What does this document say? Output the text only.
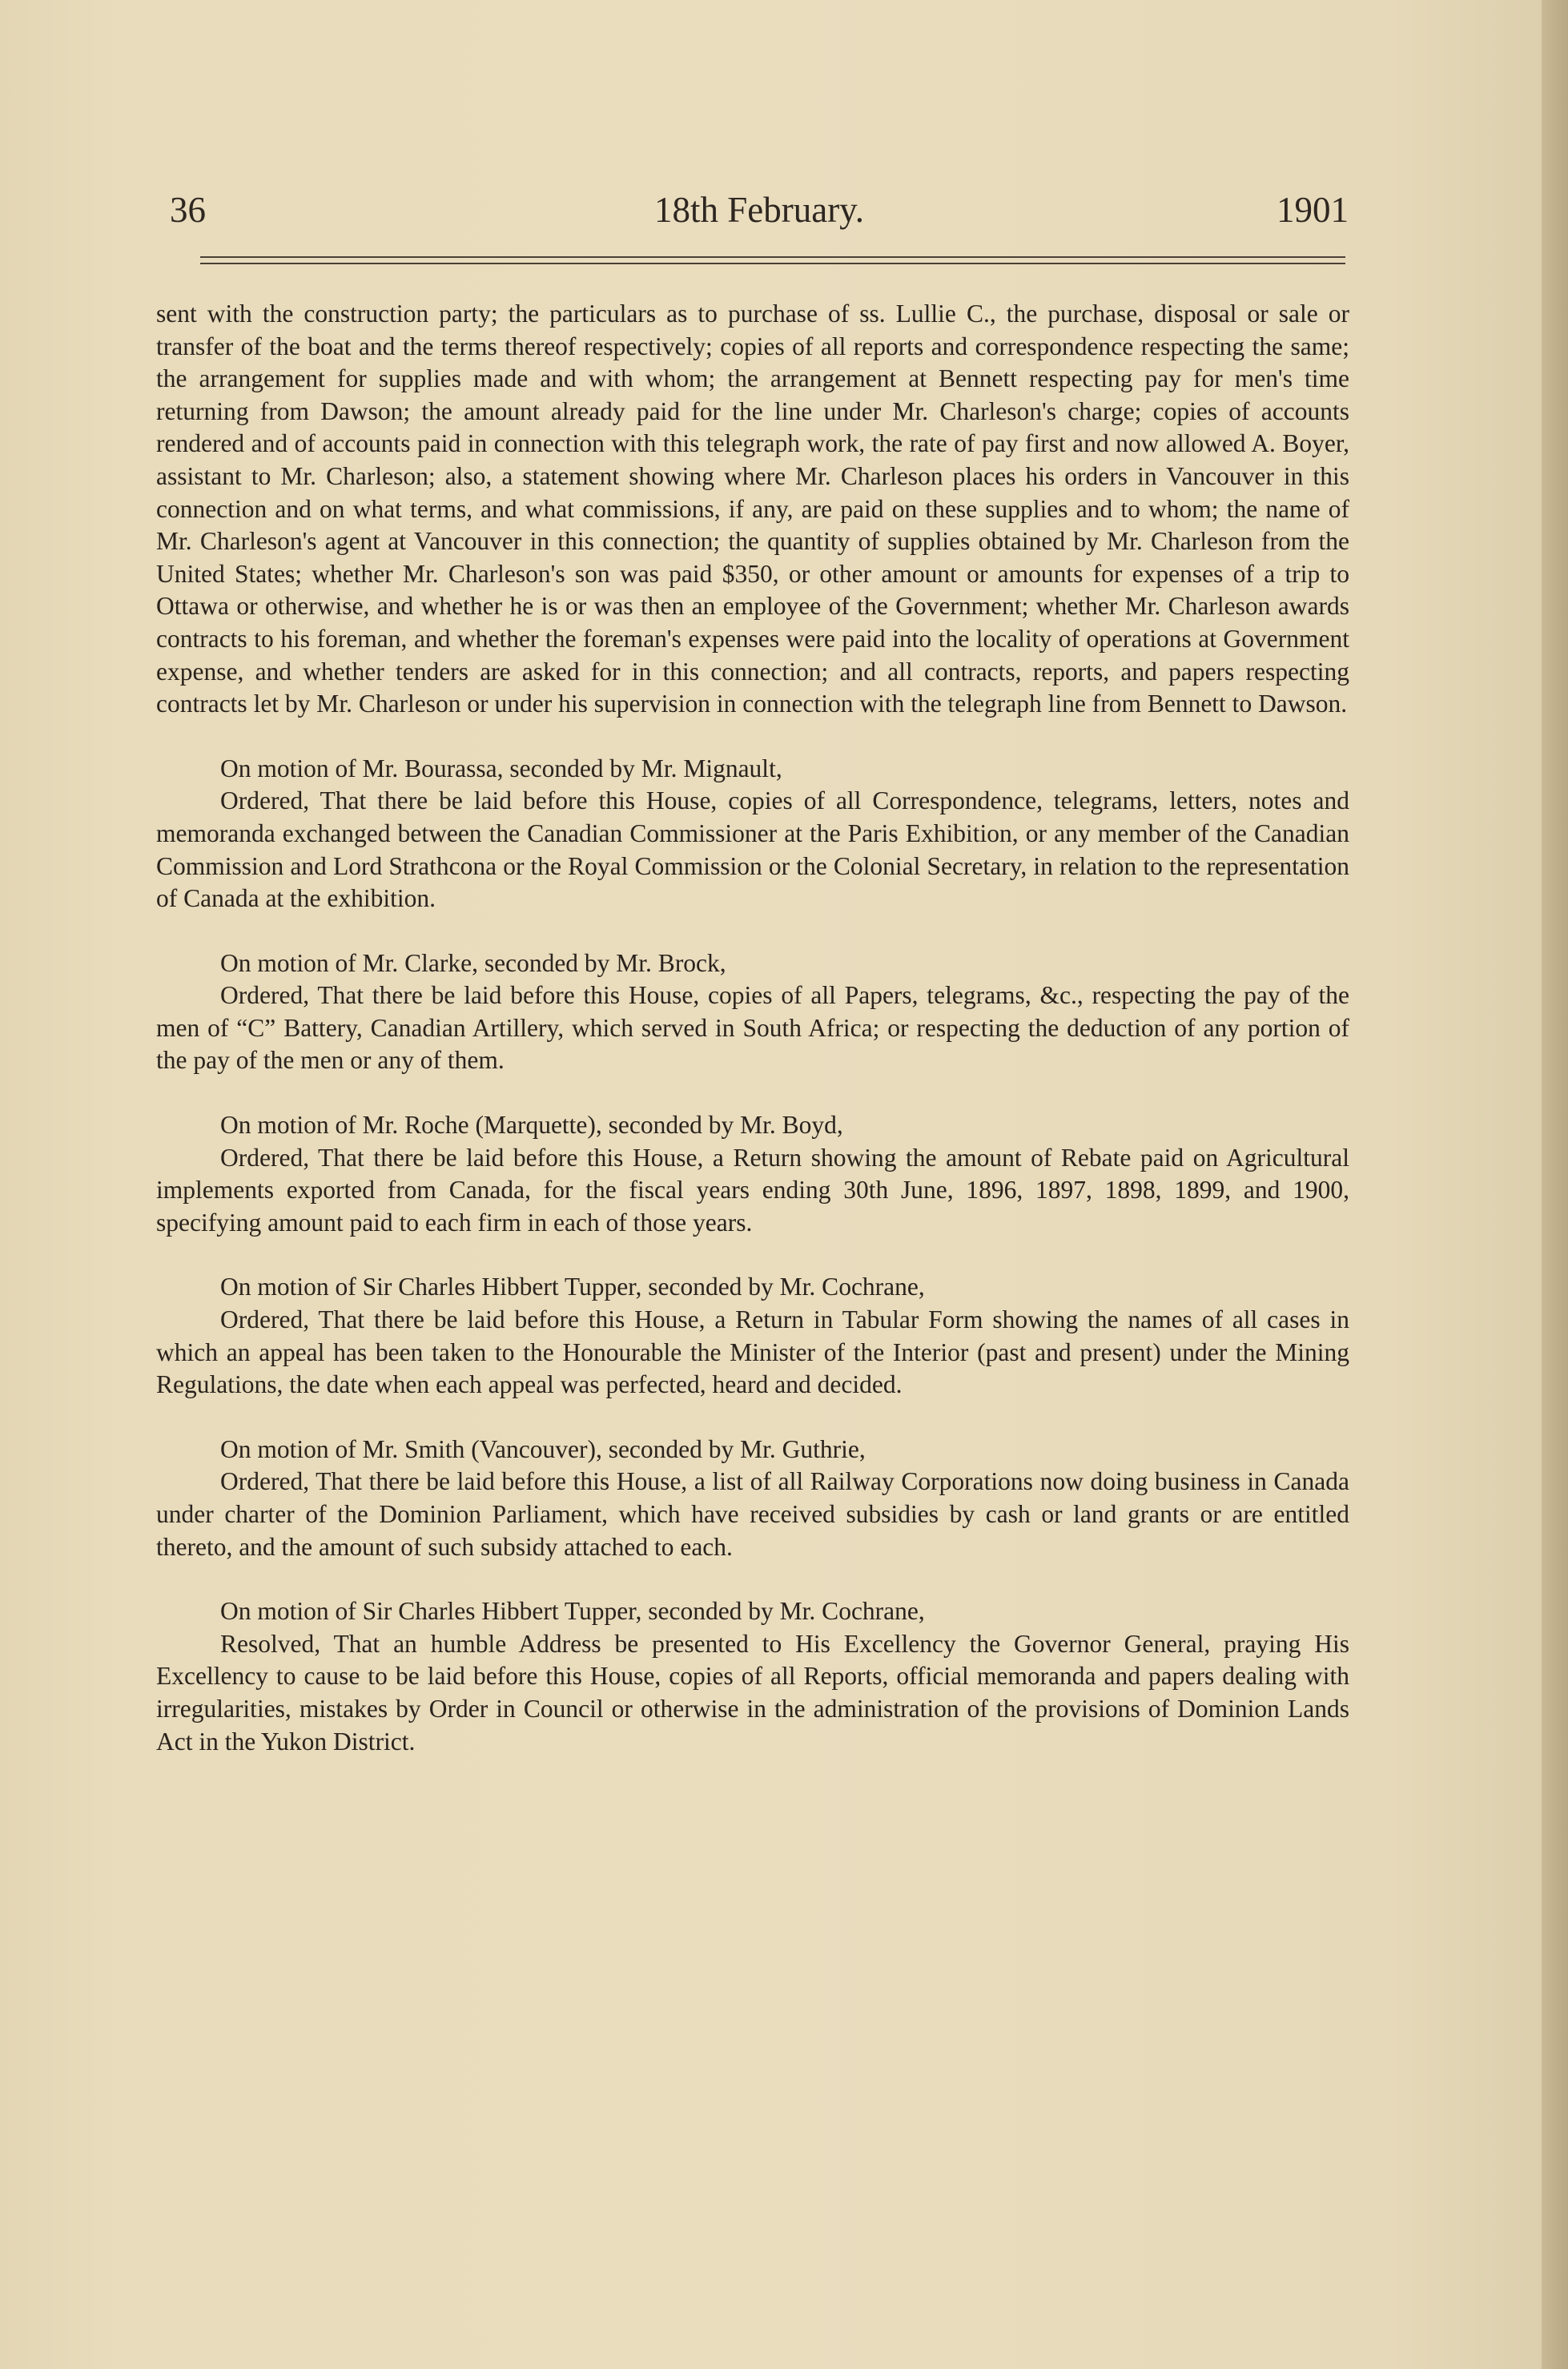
36	18th February.	1901

sent with the construction party; the particulars as to purchase of ss. Lullie C., the purchase, disposal or sale or transfer of the boat and the terms thereof respectively; copies of all reports and correspondence respecting the same; the arrangement for supplies made and with whom; the arrangement at Bennett respecting pay for men's time returning from Dawson; the amount already paid for the line under Mr. Charleson's charge; copies of accounts rendered and of accounts paid in connection with this telegraph work, the rate of pay first and now allowed A. Boyer, assistant to Mr. Charleson; also, a statement showing where Mr. Charleson places his orders in Vancouver in this connection and on what terms, and what commissions, if any, are paid on these supplies and to whom; the name of Mr. Charleson's agent at Vancouver in this connection; the quantity of supplies obtained by Mr. Charleson from the United States; whether Mr. Charleson's son was paid $350, or other amount or amounts for expenses of a trip to Ottawa or otherwise, and whether he is or was then an employee of the Government; whether Mr. Charleson awards contracts to his foreman, and whether the foreman's expenses were paid into the locality of operations at Government expense, and whether tenders are asked for in this connection; and all contracts, reports, and papers respecting contracts let by Mr. Charleson or under his supervision in connection with the telegraph line from Bennett to Dawson.

On motion of Mr. Bourassa, seconded by Mr. Mignault,

Ordered, That there be laid before this House, copies of all Correspondence, telegrams, letters, notes and memoranda exchanged between the Canadian Commissioner at the Paris Exhibition, or any member of the Canadian Commission and Lord Strathcona or the Royal Commission or the Colonial Secretary, in relation to the representation of Canada at the exhibition.

On motion of Mr. Clarke, seconded by Mr. Brock,

Ordered, That there be laid before this House, copies of all Papers, telegrams, &c., respecting the pay of the men of “C” Battery, Canadian Artillery, which served in South Africa; or respecting the deduction of any portion of the pay of the men or any of them.

On motion of Mr. Roche (Marquette), seconded by Mr. Boyd,

Ordered, That there be laid before this House, a Return showing the amount of Rebate paid on Agricultural implements exported from Canada, for the fiscal years ending 30th June, 1896, 1897, 1898, 1899, and 1900, specifying amount paid to each firm in each of those years.

On motion of Sir Charles Hibbert Tupper, seconded by Mr. Cochrane,

Ordered, That there be laid before this House, a Return in Tabular Form showing the names of all cases in which an appeal has been taken to the Honourable the Minister of the Interior (past and present) under the Mining Regulations, the date when each appeal was perfected, heard and decided.

On motion of Mr. Smith (Vancouver), seconded by Mr. Guthrie,

Ordered, That there be laid before this House, a list of all Railway Corporations now doing business in Canada under charter of the Dominion Parliament, which have received subsidies by cash or land grants or are entitled thereto, and the amount of such subsidy attached to each.

On motion of Sir Charles Hibbert Tupper, seconded by Mr. Cochrane,

Resolved, That an humble Address be presented to His Excellency the Governor General, praying His Excellency to cause to be laid before this House, copies of all Reports, official memoranda and papers dealing with irregularities, mistakes by Order in Council or otherwise in the administration of the provisions of Dominion Lands Act in the Yukon District.
